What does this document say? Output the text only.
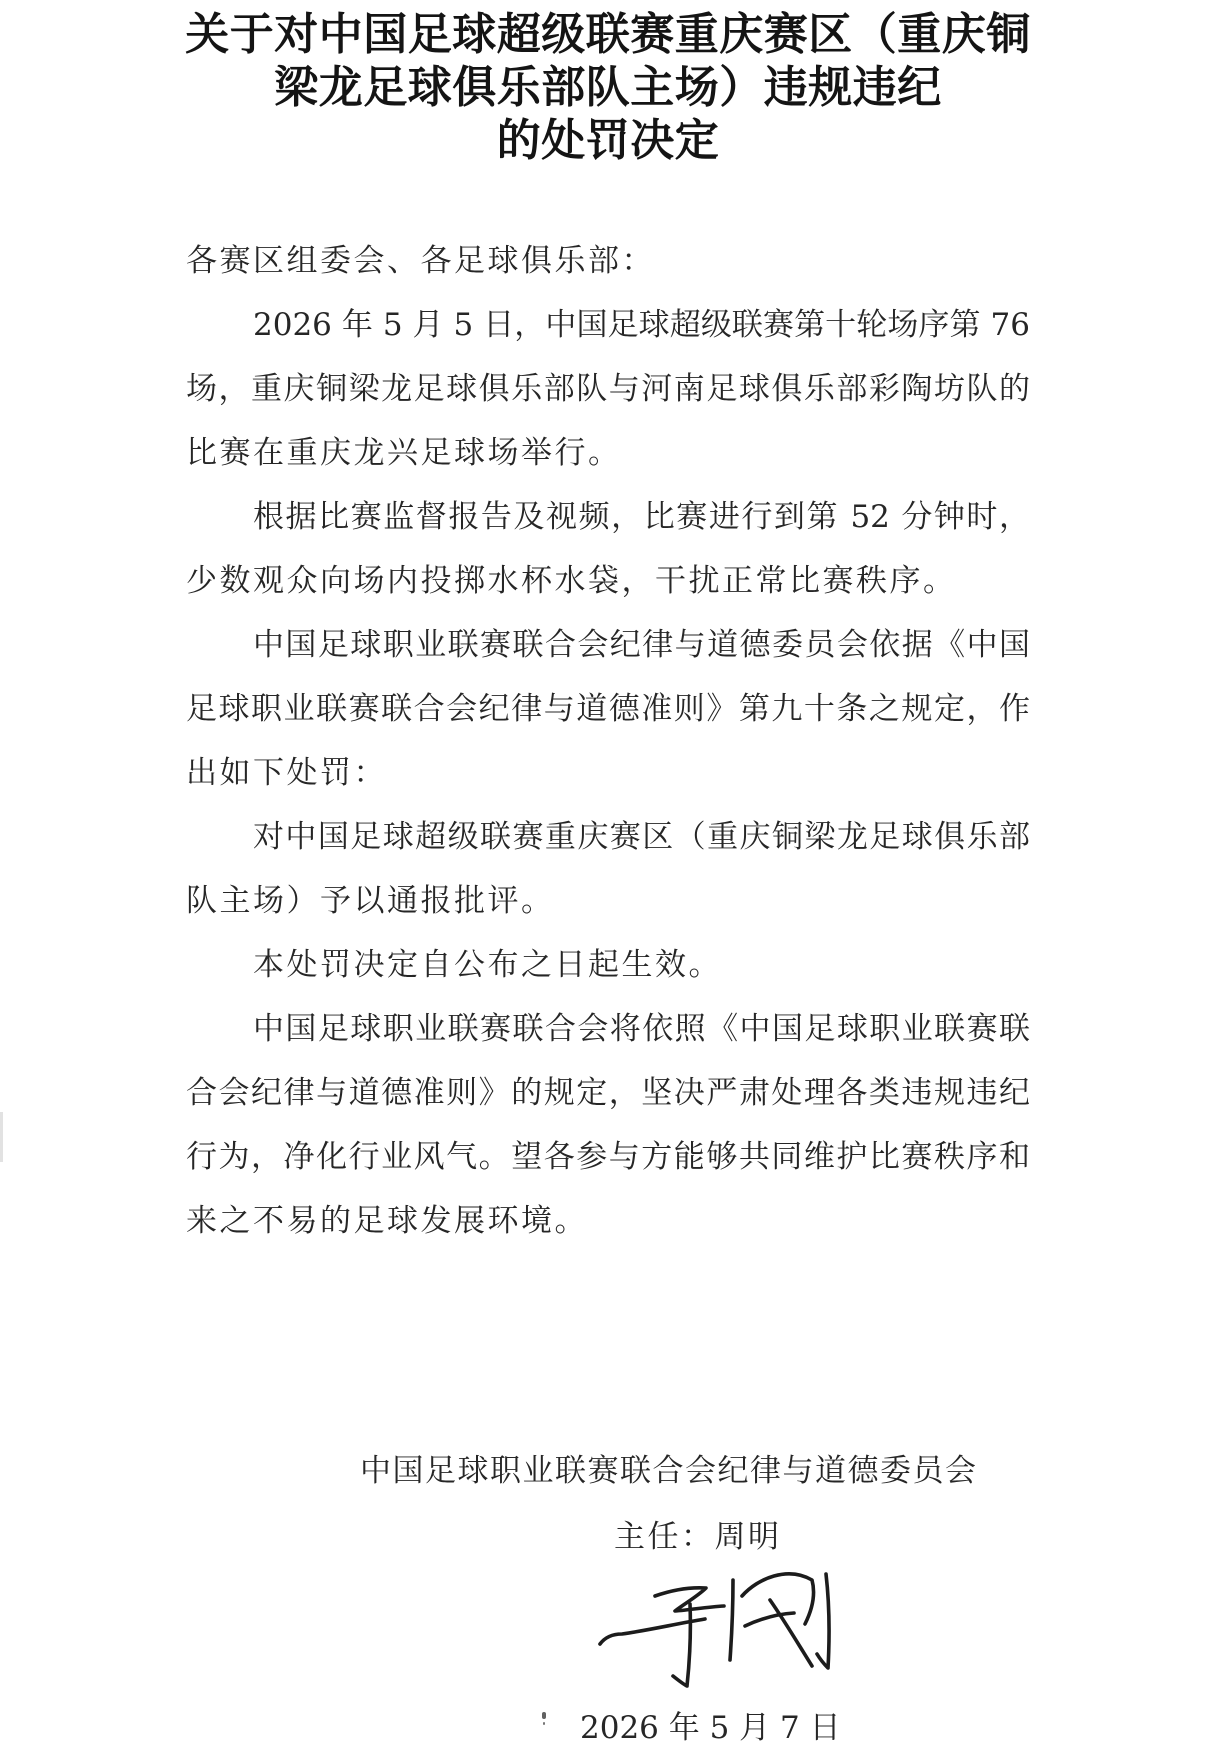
关于对中国足球超级联赛重庆赛区（重庆铜
梁龙足球俱乐部队主场）违规违纪
的处罚决定
各赛区组委会、各足球俱乐部：
2026 年 5 月 5 日，中国足球超级联赛第十轮场序第 76
场，重庆铜梁龙足球俱乐部队与河南足球俱乐部彩陶坊队的
比赛在重庆龙兴足球场举行。
根据比赛监督报告及视频，比赛进行到第 52 分钟时，
少数观众向场内投掷水杯水袋，干扰正常比赛秩序。
中国足球职业联赛联合会纪律与道德委员会依据《中国
足球职业联赛联合会纪律与道德准则》第九十条之规定，作
出如下处罚：
对中国足球超级联赛重庆赛区（重庆铜梁龙足球俱乐部
队主场）予以通报批评。
本处罚决定自公布之日起生效。
中国足球职业联赛联合会将依照《中国足球职业联赛联
合会纪律与道德准则》的规定，坚决严肃处理各类违规违纪
行为，净化行业风气。望各参与方能够共同维护比赛秩序和
来之不易的足球发展环境。
中国足球职业联赛联合会纪律与道德委员会
主任：周明
2026 年 5 月 7 日
